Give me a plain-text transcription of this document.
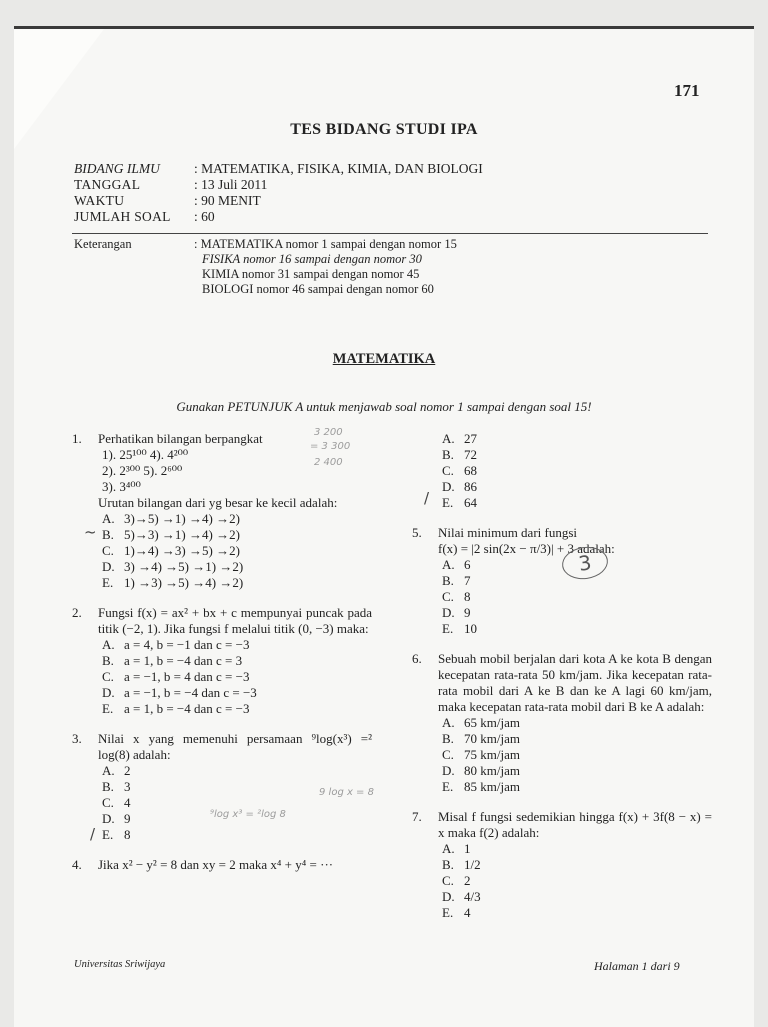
171
TES BIDANG STUDI IPA
BIDANG ILMU	: MATEMATIKA, FISIKA, KIMIA, DAN BIOLOGI
TANGGAL	: 13 Juli 2011
WAKTU	: 90 MENIT
JUMLAH SOAL	: 60
Keterangan	: MATEMATIKA nomor 1 sampai dengan nomor 15
FISIKA nomor 16 sampai dengan nomor 30
KIMIA nomor 31 sampai dengan nomor 45
BIOLOGI nomor 46 sampai dengan nomor 60
MATEMATIKA
Gunakan PETUNJUK A untuk menjawab soal nomor 1 sampai dengan soal 15!
1.	Perhatikan bilangan berpangkat
1). 25¹⁰⁰ 4). 4²⁰⁰
2). 2³⁰⁰ 5). 2⁶⁰⁰
3). 3⁴⁰⁰
Urutan bilangan dari yg besar ke kecil adalah:
A. 3)→5) →1) →4) →2)
B. 5)→3) →1) →4) →2)
C. 1)→4) →3) →5) →2)
D. 3) →4) →5) →1) →2)
E. 1) →3) →5) →4) →2)
2.	Fungsi f(x) = ax² + bx + c mempunyai puncak pada titik (−2, 1). Jika fungsi f melalui titik (0, −3) maka:
A. a = 4, b = −1 dan c = −3
B. a = 1, b = −4 dan c = 3
C. a = −1, b = 4 dan c = −3
D. a = −1, b = −4 dan c = −3
E. a = 1, b = −4 dan c = −3
3.	Nilai x yang memenuhi persamaan ⁹log(x³) =² log(8) adalah:
A. 2
B. 3
C. 4
D. 9
E. 8
4.	Jika x² − y² = 8 dan xy = 2 maka x⁴ + y⁴ = ···
A. 27
B. 72
C. 68
D. 86
E. 64
5.	Nilai minimum dari fungsi
f(x) = |2 sin(2x − π/3)| + 3 adalah:
A. 6
B. 7
C. 8
D. 9
E. 10
6.	Sebuah mobil berjalan dari kota A ke kota B dengan kecepatan rata-rata 50 km/jam. Jika kecepatan rata-rata mobil dari A ke B dan ke A lagi 60 km/jam, maka kecepatan rata-rata mobil dari B ke A adalah:
A. 65 km/jam
B. 70 km/jam
C. 75 km/jam
D. 80 km/jam
E. 85 km/jam
7.	Misal f fungsi sedemikian hingga f(x) + 3f(8 − x) = x maka f(2) adalah:
A. 1
B. 1/2
C. 2
D. 4/3
E. 4
3
3 200
= 3 300
2 400
9 log x = 8
⁹log x³ = ²log 8
/
~
/
Universitas Sriwijaya	Halaman 1 dari 9
